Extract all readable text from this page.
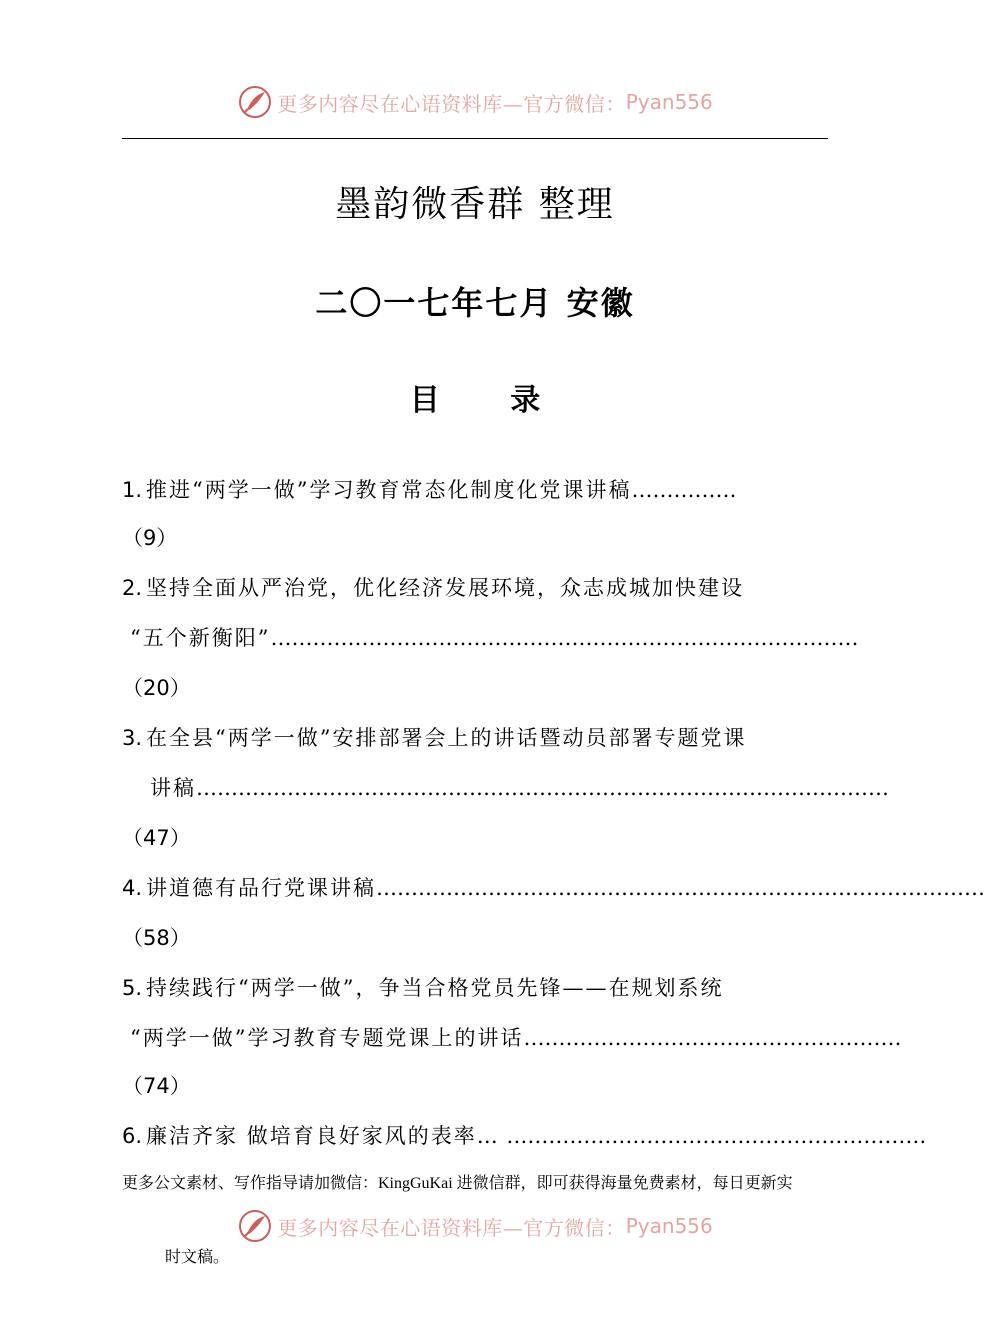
更多内容尽在心语资料库—官方微信： Pyan556
墨韵微香群 整理
二〇一七年七月 安徽
目 录
1. 推进“两学一做”学习教育常态化制度化党课讲稿……………
（9）
2. 坚持全面从严治党，优化经济发展环境，众志成城加快建设
“五个新衡阳”…………………………………………………………………………
（20）
3. 在全县“两学一做”安排部署会上的讲话暨动员部署专题党课
讲稿………………………………………………………………………………………
（47）
4. 讲道德有品行党课讲稿……………………………………………………………………………
（58）
5. 持续践行“两学一做”，争当合格党员先锋——在规划系统
“两学一做”学习教育专题党课上的讲话………………………………………………
（74）
6. 廉洁齐家 做培育良好家风的表率… ……………………………………………………
更多公文素材、写作指导请加微信：KingGuKai 进微信群，即可获得海量免费素材，每日更新实
更多内容尽在心语资料库—官方微信： Pyan556
时文稿。
